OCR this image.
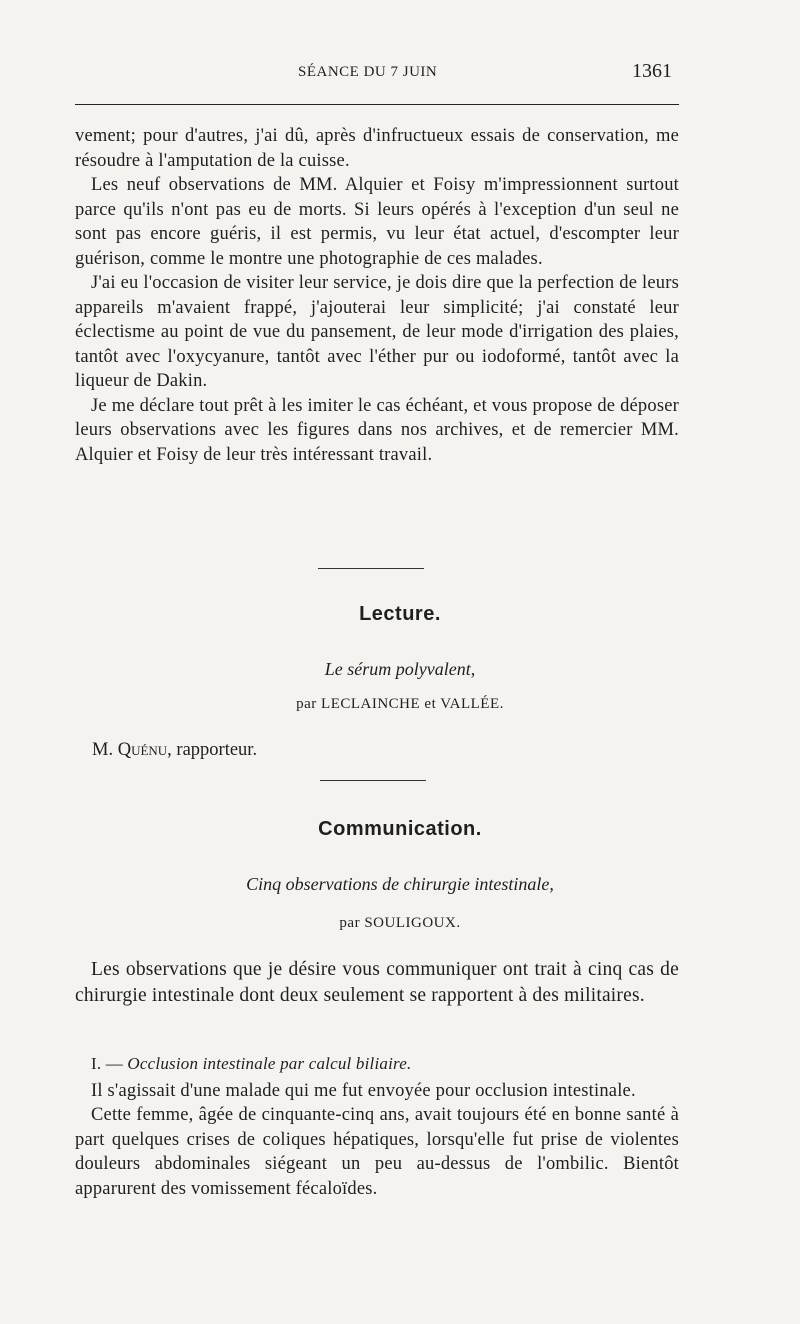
SÉANCE DU 7 JUIN	1361

vement; pour d'autres, j'ai dû, après d'infructueux essais de conservation, me résoudre à l'amputation de la cuisse.

Les neuf observations de MM. Alquier et Foisy m'impressionnent surtout parce qu'ils n'ont pas eu de morts. Si leurs opérés à l'exception d'un seul ne sont pas encore guéris, il est permis, vu leur état actuel, d'escompter leur guérison, comme le montre une photographie de ces malades.

J'ai eu l'occasion de visiter leur service, je dois dire que la perfection de leurs appareils m'avaient frappé, j'ajouterai leur simplicité; j'ai constaté leur éclectisme au point de vue du pansement, de leur mode d'irrigation des plaies, tantôt avec l'oxycyanure, tantôt avec l'éther pur ou iodoformé, tantôt avec la liqueur de Dakin.

Je me déclare tout prêt à les imiter le cas échéant, et vous propose de déposer leurs observations avec les figures dans nos archives, et de remercier MM. Alquier et Foisy de leur très intéressant travail.

Lecture.
Le sérum polyvalent,
par LECLAINCHE et VALLÉE.
M. Quénu, rapporteur.
Communication.
Cinq observations de chirurgie intestinale,
par SOULIGOUX.

Les observations que je désire vous communiquer ont trait à cinq cas de chirurgie intestinale dont deux seulement se rapportent à des militaires.

I. — Occlusion intestinale par calcul biliaire.

Il s'agissait d'une malade qui me fut envoyée pour occlusion intestinale.

Cette femme, âgée de cinquante-cinq ans, avait toujours été en bonne santé à part quelques crises de coliques hépatiques, lorsqu'elle fut prise de violentes douleurs abdominales siégeant un peu au-dessus de l'ombilic. Bientôt apparurent des vomissement fécaloïdes.
